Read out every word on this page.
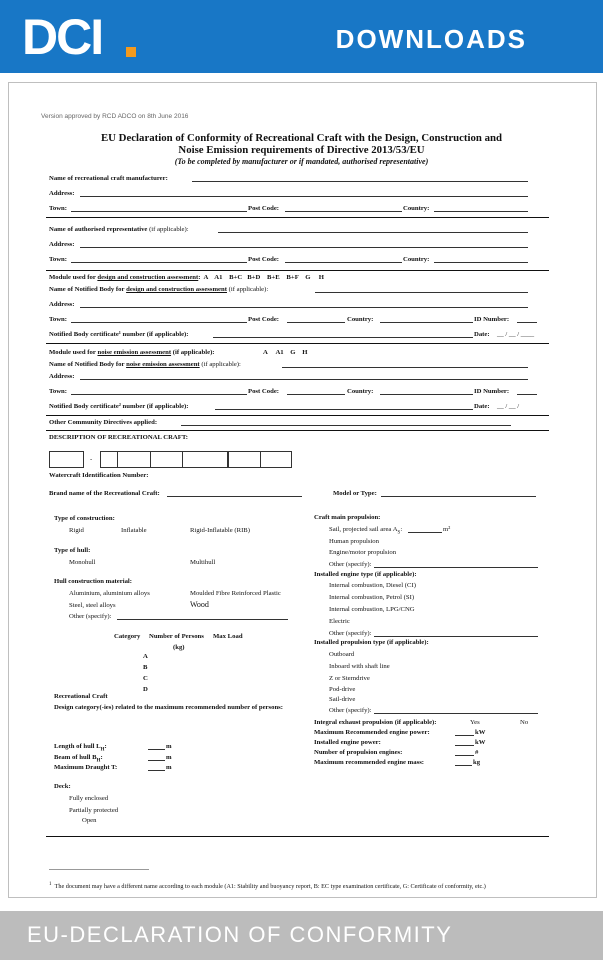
DCI	DOWNLOADS
Version approved by RCD ADCO on 8th June 2016
EU Declaration of Conformity of Recreational Craft with the Design, Construction and
Noise Emission requirements of Directive 2013/53/EU
(To be completed by manufacturer or if mandated, authorised representative)
Name of recreational craft manufacturer:
Address:
Town:	Post Code:	Country:
Name of authorised representative (if applicable):
Address:
Town:	Post Code:	Country:
Module used for design and construction assessment:  A    A1    B+C   B+D    B+E    B+F    G     H
Name of Notified Body for design and construction assessment (if applicable):
Address:
Town:	Post Code:	Country:	ID Number:
Notified Body certificate¹ number (if applicable):	Date: __ / __ / ____
Module used for noise emission assessment (if applicable):	A     A1    G    H
Name of Notified Body for noise emission assessment (if applicable):
Address:
Town:	Post Code:	Country:	ID Number:
Notified Body certificate² number (if applicable):	Date: __ / __ /
Other Community Directives applied:
DESCRIPTION OF RECREATIONAL CRAFT:
-
Watercraft Identification Number:
Brand name of the Recreational Craft:	Model or Type:
Type of construction:
Rigid	Inflatable	Rigid-Inflatable (RIB)
Type of hull:
Monohull	Multihull
Hull construction material:
Aluminium, aluminium alloys	Moulded Fibre Reinforced Plastic
Steel, steel alloys	Wood
Other (specify):
Category Number of Persons Max Load
(kg)
A
B
C
D
Recreational Craft
Design category(-ies) related to the maximum recommended number of persons:
Length of hull $L_H$:	m
Beam of hull $B_H$:	m
Maximum Draught T:	m
Deck:
Fully enclosed
Partially protected
Open
Craft main propulsion:
Sail, projected sail area $A_S$:	m²
Human propulsion
Engine/motor propulsion
Other (specify):
Installed engine type (if applicable):
Internal combustion, Diesel (CI)
Internal combustion, Petrol (SI)
Internal combustion, LPG/CNG
Electric
Other (specify):
Installed propulsion type (if applicable):
Outboard
Inboard with shaft line
Z or Sterndrive
Pod-drive
Sail-drive
Other (specify):
Integral exhaust propulsion (if applicable):	Yes	No
Maximum Recommended engine power:	kW
Installed engine power:	kW
Number of propulsion engines:	#
Maximum recommended engine mass:	kg
$^1$ The document may have a different name according to each module (A1: Stability and buoyancy report, B: EC type examination certificate, G: Certificate of conformity, etc.)
EU-DECLARATION OF CONFORMITY
